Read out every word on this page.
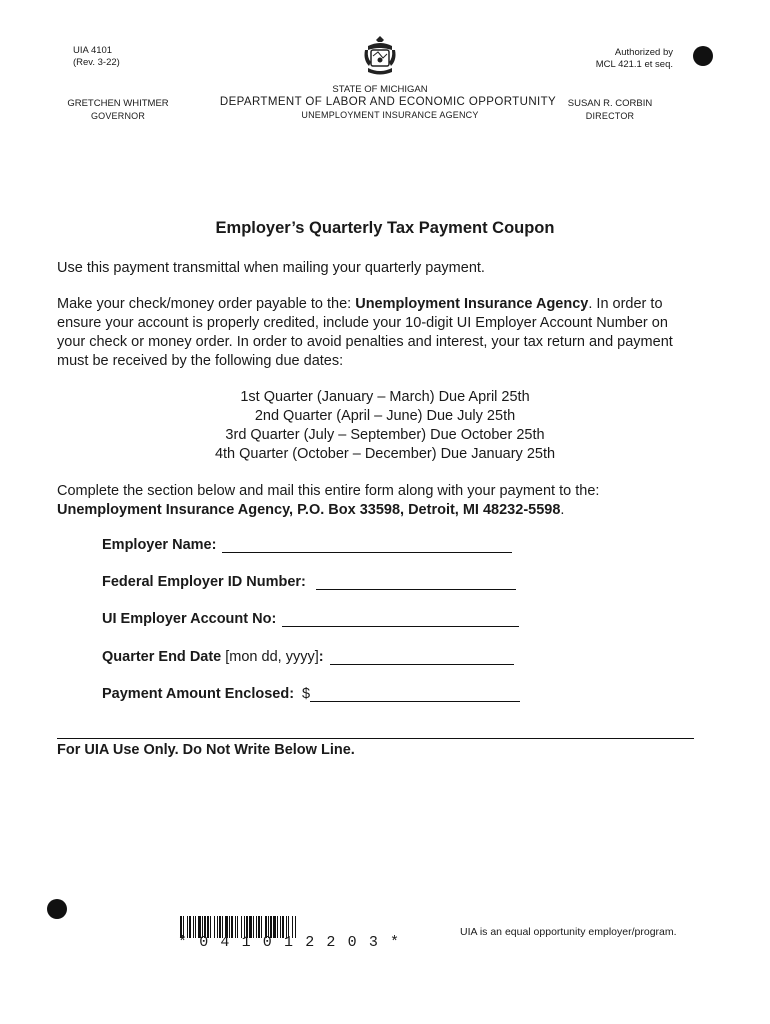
UIA 4101
(Rev. 3-22)
Authorized by
MCL 421.1 et seq.
STATE OF MICHIGAN
DEPARTMENT OF LABOR AND ECONOMIC OPPORTUNITY
UNEMPLOYMENT INSURANCE AGENCY
GRETCHEN WHITMER
GOVERNOR
SUSAN R. CORBIN
DIRECTOR
Employer’s Quarterly Tax Payment Coupon
Use this payment transmittal when mailing your quarterly payment.
Make your check/money order payable to the: Unemployment Insurance Agency. In order to
ensure your account is properly credited, include your 10-digit UI Employer Account Number on
your check or money order. In order to avoid penalties and interest, your tax return and payment
must be received by the following due dates:
1st Quarter (January – March) Due April 25th
2nd Quarter (April – June) Due July 25th
3rd Quarter (July – September) Due October 25th
4th Quarter (October – December) Due January 25th
Complete the section below and mail this entire form along with your payment to the:
Unemployment Insurance Agency, P.O. Box 33598, Detroit, MI 48232-5598.
Employer Name:
Federal Employer ID Number:
UI Employer Account No:
Quarter End Date [mon dd, yyyy] :
Payment Amount Enclosed: $
For UIA Use Only. Do Not Write Below Line.
* 0 4 1 0 1 2 2 0 3 *
UIA is an equal opportunity employer/program.
